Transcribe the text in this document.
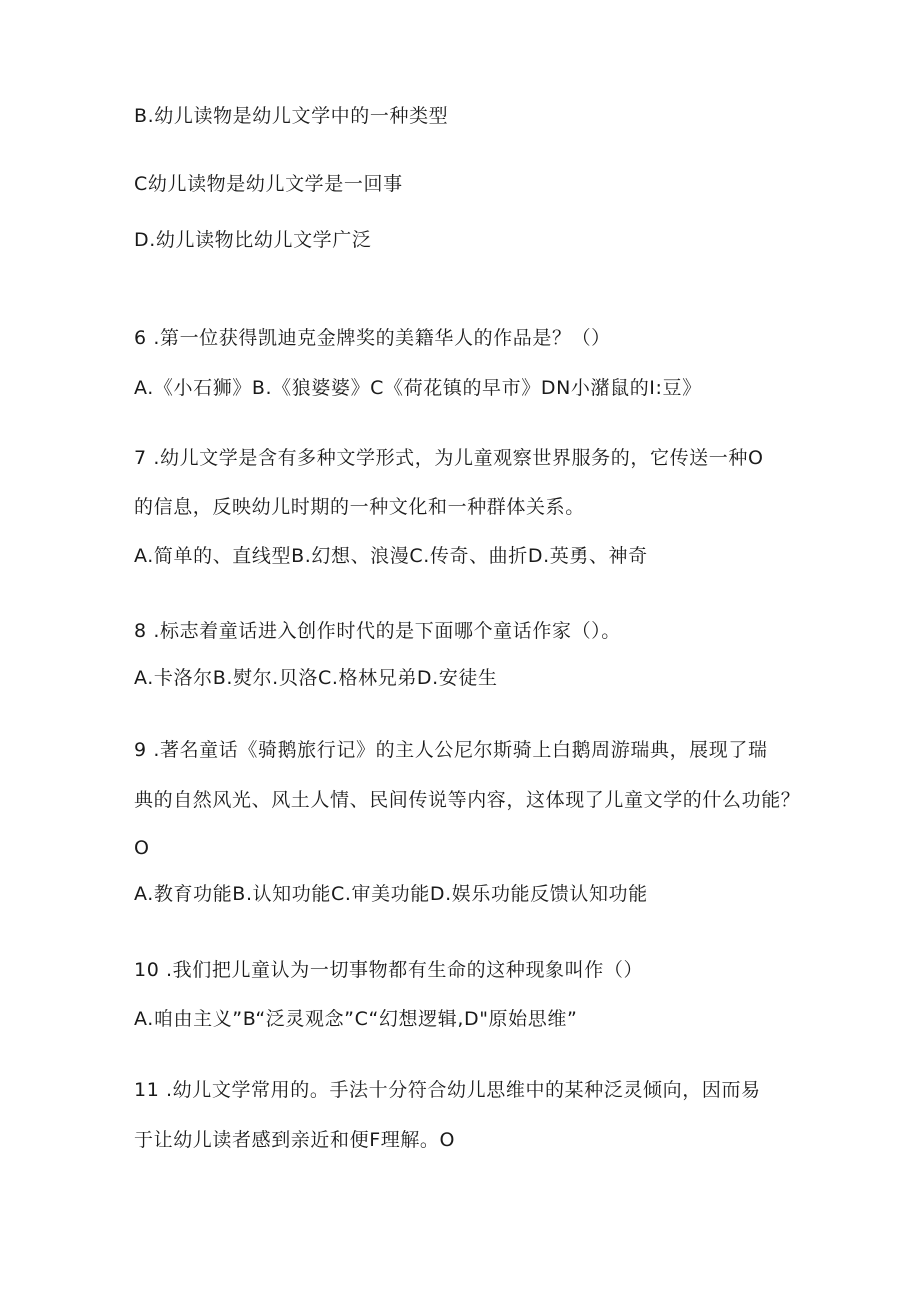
B.幼儿读物是幼儿文学中的一种类型
C幼儿读物是幼儿文学是一回事
D.幼儿读物比幼儿文学广泛
6 .第一位获得凯迪克金牌奖的美籍华人的作品是？（）
A.《小石狮》B.《狼婆婆》C《荷花镇的早市》DN小潴鼠的I:豆》
7 .幼儿文学是含有多种文学形式，为儿童观察世界服务的，它传送一种O
的信息，反映幼儿时期的一种文化和一种群体关系。
A.简单的、直线型B.幻想、浪漫C.传奇、曲折D.英勇、神奇
8 .标志着童话进入创作时代的是下面哪个童话作家（）。
A.卡洛尔B.熨尔.贝洛C.格林兄弟D.安徒生
9 .著名童话《骑鹅旅行记》的主人公尼尔斯骑上白鹅周游瑞典，展现了瑞
典的自然风光、风土人情、民间传说等内容，这体现了儿童文学的什么功能？
O
A.教育功能B.认知功能C.审美功能D.娱乐功能反馈认知功能
10 .我们把儿童认为一切事物都有生命的这种现象叫作（）
A.咱由主义”B“泛灵观念”C“幻想逻辑,D"原始思维”
11 .幼儿文学常用的。手法十分符合幼儿思维中的某种泛灵倾向，因而易
于让幼儿读者感到亲近和便F理解。O
